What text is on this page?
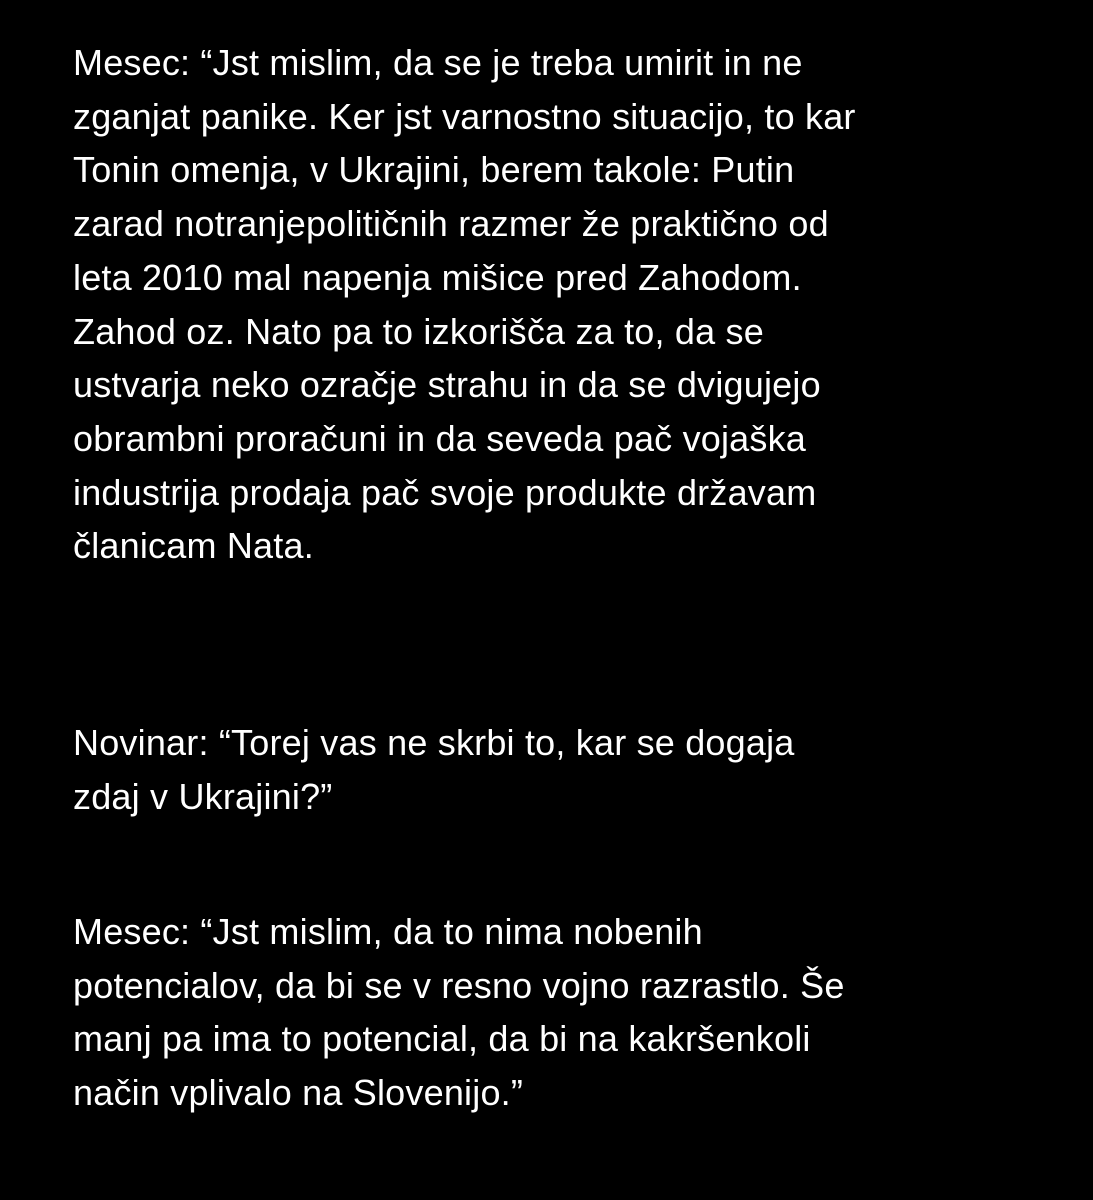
Mesec: “Jst mislim, da se je treba umirit in ne
zganjat panike. Ker jst varnostno situacijo, to kar
Tonin omenja, v Ukrajini, berem takole: Putin
zarad notranjepolitičnih razmer že praktično od
leta 2010 mal napenja mišice pred Zahodom.
Zahod oz. Nato pa to izkorišča za to, da se
ustvarja neko ozračje strahu in da se dvigujejo
obrambni proračuni in da seveda pač vojaška
industrija prodaja pač svoje produkte državam
članicam Nata.
Novinar: “Torej vas ne skrbi to, kar se dogaja
zdaj v Ukrajini?”
Mesec: “Jst mislim, da to nima nobenih
potencialov, da bi se v resno vojno razrastlo. Še
manj pa ima to potencial, da bi na kakršenkoli
način vplivalo na Slovenijo.”
